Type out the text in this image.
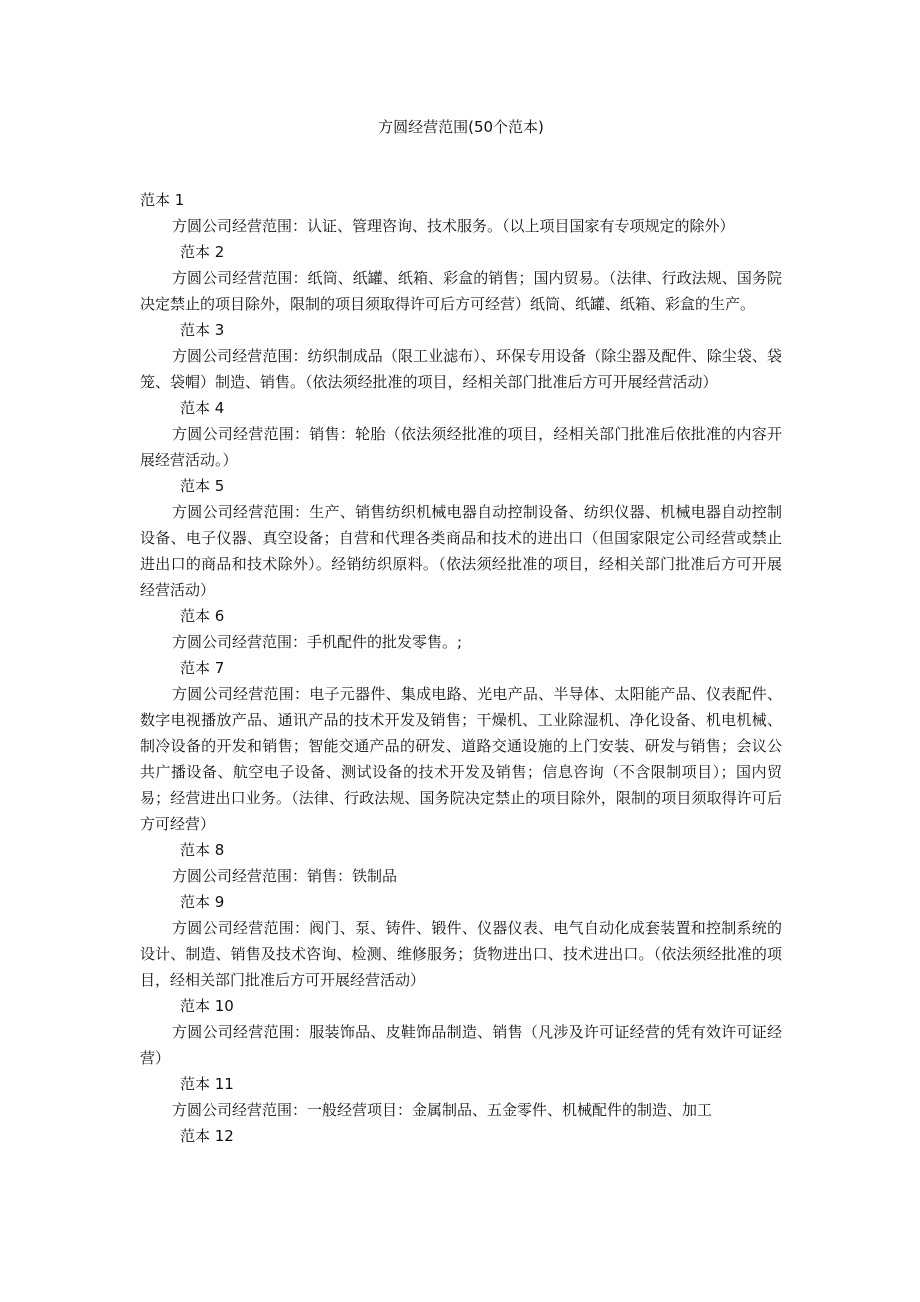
方圆经营范围(50个范本)

范本 1

方圆公司经营范围：认证、管理咨询、技术服务。（以上项目国家有专项规定的除外）

范本 2

方圆公司经营范围：纸筒、纸罐、纸箱、彩盒的销售；国内贸易。（法律、行政法规、国务院决定禁止的项目除外，限制的项目须取得许可后方可经营）纸筒、纸罐、纸箱、彩盒的生产。

范本 3

方圆公司经营范围：纺织制成品（限工业滤布）、环保专用设备（除尘器及配件、除尘袋、袋笼、袋帽）制造、销售。（依法须经批准的项目，经相关部门批准后方可开展经营活动）

范本 4

方圆公司经营范围：销售：轮胎（依法须经批准的项目，经相关部门批准后依批准的内容开展经营活动。）

范本 5

方圆公司经营范围：生产、销售纺织机械电器自动控制设备、纺织仪器、机械电器自动控制设备、电子仪器、真空设备；自营和代理各类商品和技术的进出口（但国家限定公司经营或禁止进出口的商品和技术除外）。经销纺织原料。（依法须经批准的项目，经相关部门批准后方可开展经营活动）

范本 6

方圆公司经营范围：手机配件的批发零售。;

范本 7

方圆公司经营范围：电子元器件、集成电路、光电产品、半导体、太阳能产品、仪表配件、数字电视播放产品、通讯产品的技术开发及销售；干燥机、工业除湿机、净化设备、机电机械、制冷设备的开发和销售；智能交通产品的研发、道路交通设施的上门安装、研发与销售；会议公共广播设备、航空电子设备、测试设备的技术开发及销售；信息咨询（不含限制项目）；国内贸易；经营进出口业务。（法律、行政法规、国务院决定禁止的项目除外，限制的项目须取得许可后方可经营）

范本 8

方圆公司经营范围：销售：铁制品

范本 9

方圆公司经营范围：阀门、泵、铸件、锻件、仪器仪表、电气自动化成套装置和控制系统的设计、制造、销售及技术咨询、检测、维修服务；货物进出口、技术进出口。（依法须经批准的项目，经相关部门批准后方可开展经营活动）

范本 10

方圆公司经营范围：服装饰品、皮鞋饰品制造、销售（凡涉及许可证经营的凭有效许可证经营）

范本 11

方圆公司经营范围：一般经营项目：金属制品、五金零件、机械配件的制造、加工

范本 12
